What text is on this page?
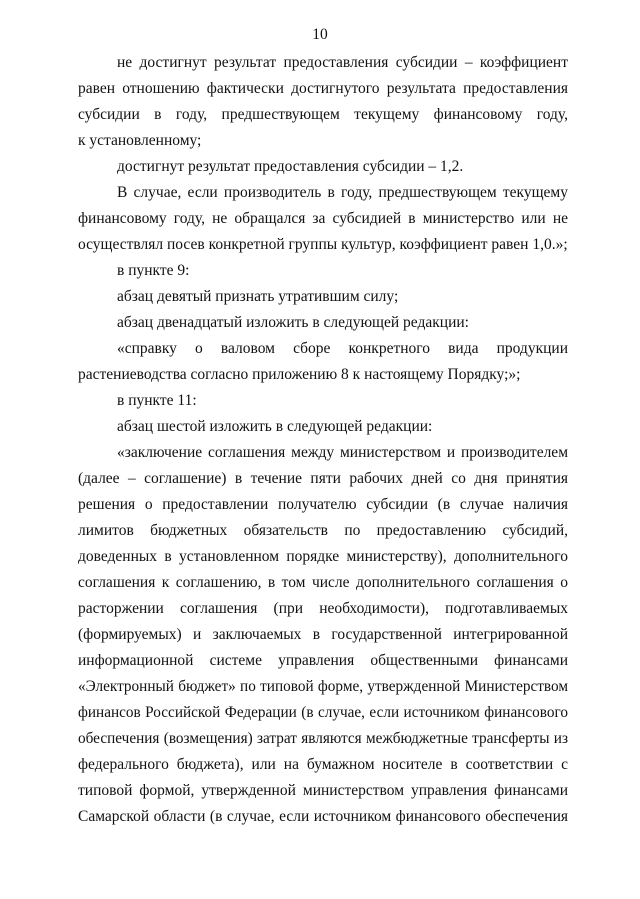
10
не достигнут результат предоставления субсидии – коэффициент
равен отношению фактически достигнутого результата предоставления
субсидии в году, предшествующем текущему финансовому году,
к установленному;
достигнут результат предоставления субсидии – 1,2.
В случае, если производитель в году, предшествующем текущему
финансовому году, не обращался за субсидией в министерство или не
осуществлял посев конкретной группы культур, коэффициент равен 1,0.»;
в пункте 9:
абзац девятый признать утратившим силу;
абзац двенадцатый изложить в следующей редакции:
«справку о валовом сборе конкретного вида продукции
растениеводства согласно приложению 8 к настоящему Порядку;»;
в пункте 11:
абзац шестой изложить в следующей редакции:
«заключение соглашения между министерством и производителем
(далее – соглашение) в течение пяти рабочих дней со дня принятия
решения о предоставлении получателю субсидии (в случае наличия
лимитов бюджетных обязательств по предоставлению субсидий,
доведенных в установленном порядке министерству), дополнительного
соглашения к соглашению, в том числе дополнительного соглашения о
расторжении соглашения (при необходимости), подготавливаемых
(формируемых) и заключаемых в государственной интегрированной
информационной системе управления общественными финансами
«Электронный бюджет» по типовой форме, утвержденной Министерством
финансов Российской Федерации (в случае, если источником финансового
обеспечения (возмещения) затрат являются межбюджетные трансферты из
федерального бюджета), или на бумажном носителе в соответствии с
типовой формой, утвержденной министерством управления финансами
Самарской области (в случае, если источником финансового обеспечения
